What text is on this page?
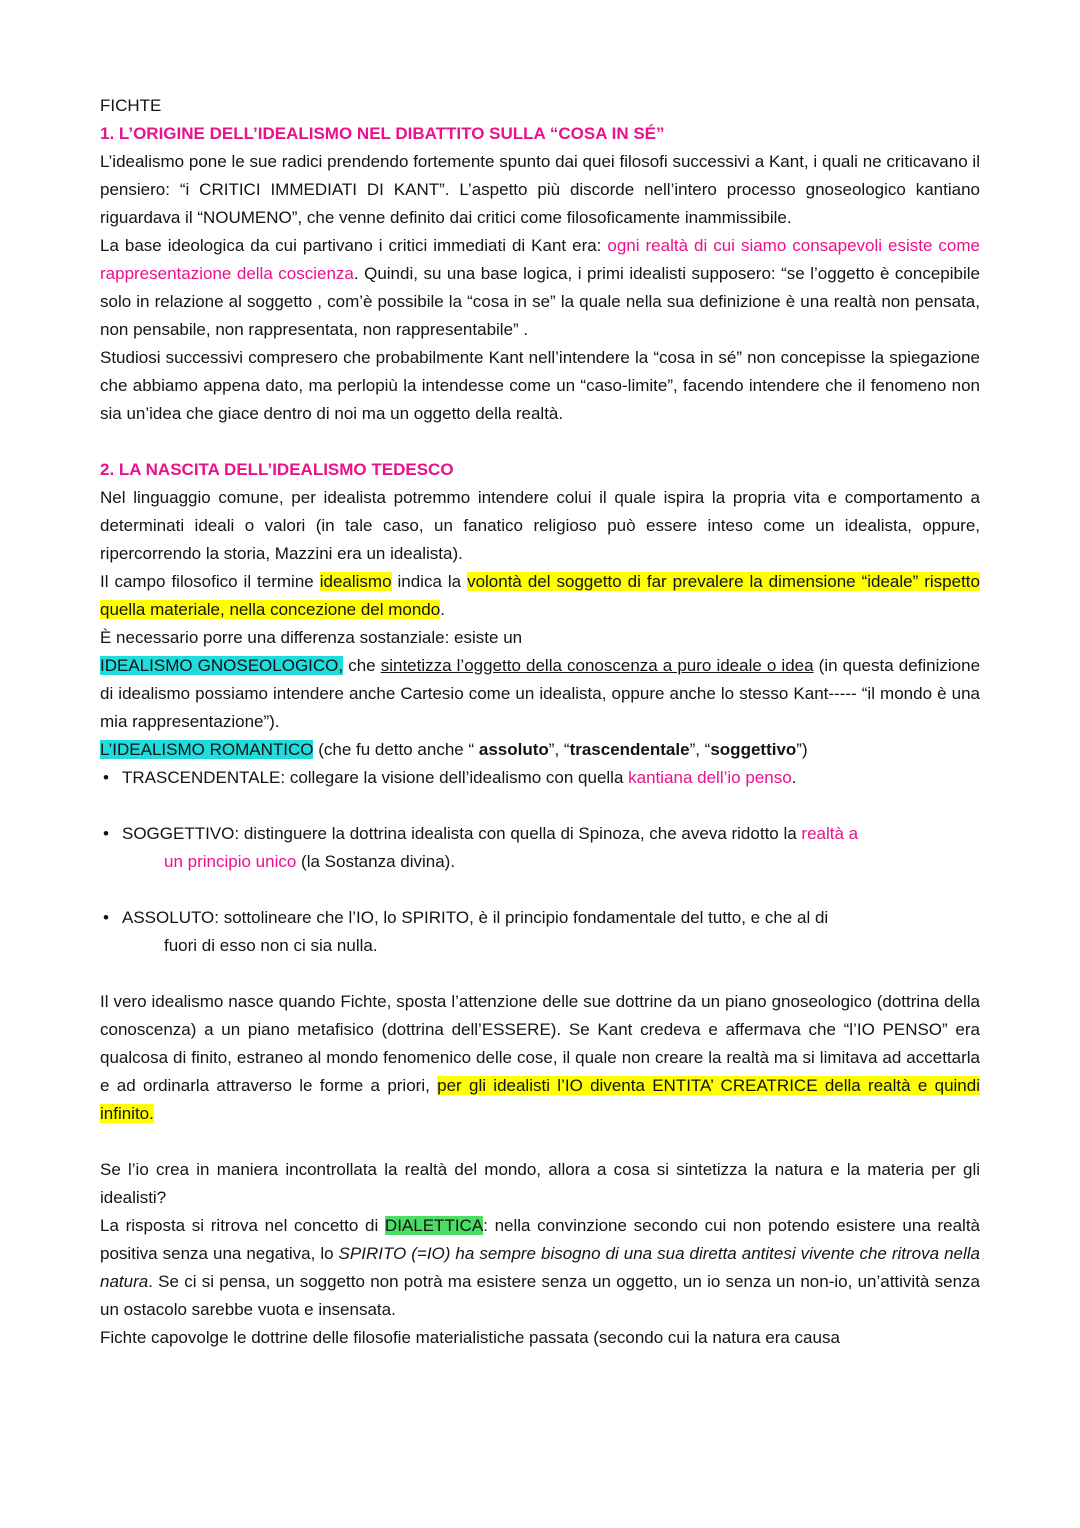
FICHTE
1. L’ORIGINE DELL’IDEALISMO NEL DIBATTITO SULLA “COSA IN SÉ”
L’idealismo pone le sue radici prendendo fortemente spunto dai quei filosofi successivi a Kant, i quali ne criticavano il pensiero: “i CRITICI IMMEDIATI DI KANT”. L’aspetto più discorde nell’intero processo gnoseologico kantiano riguardava il “NOUMENO”, che venne definito dai critici come filosoficamente inammissibile.
La base ideologica da cui partivano i critici immediati di Kant era: ogni realtà di cui siamo consapevoli esiste come rappresentazione della coscienza. Quindi, su una base logica, i primi idealisti supposero: “se l’oggetto è concepibile solo in relazione al soggetto , com’è possibile la “cosa in se” la quale nella sua definizione è una realtà non pensata, non pensabile, non rappresentata, non rappresentabile” .
Studiosi successivi compresero che probabilmente Kant nell’intendere la “cosa in sé” non concepisse la spiegazione che abbiamo appena dato, ma perlopiù la intendesse come un “caso-limite”, facendo intendere che il fenomeno non sia un’idea che giace dentro di noi ma un oggetto della realtà.
2. LA NASCITA DELL’IDEALISMO TEDESCO
Nel linguaggio comune, per idealista potremmo intendere colui il quale ispira la propria vita e comportamento a determinati ideali o valori (in tale caso, un fanatico religioso può essere inteso come un idealista, oppure, ripercorrendo la storia, Mazzini era un idealista).
Il campo filosofico il termine idealismo indica la volontà del soggetto di far prevalere la dimensione “ideale” rispetto quella materiale, nella concezione del mondo.
È necessario porre una differenza sostanziale: esiste un
IDEALISMO GNOSEOLOGICO, che sintetizza l’oggetto della conoscenza a puro ideale o idea (in questa definizione di idealismo possiamo intendere anche Cartesio come un idealista, oppure anche lo stesso Kant----- “il mondo è una mia rappresentazione”).
L’IDEALISMO ROMANTICO (che fu detto anche “ assoluto”, “trascendentale”, “soggettivo”)
• TRASCENDENTALE: collegare la visione dell’idealismo con quella kantiana dell’io penso.
• SOGGETTIVO: distinguere la dottrina idealista con quella di Spinoza, che aveva ridotto la realtà a
un principio unico (la Sostanza divina).
• ASSOLUTO: sottolineare che l’IO, lo SPIRITO, è il principio fondamentale del tutto, e che al di
fuori di esso non ci sia nulla.
Il vero idealismo nasce quando Fichte, sposta l’attenzione delle sue dottrine da un piano gnoseologico (dottrina della conoscenza) a un piano metafisico (dottrina dell’ESSERE). Se Kant credeva e affermava che “l’IO PENSO” era qualcosa di finito, estraneo al mondo fenomenico delle cose, il quale non creare la realtà ma si limitava ad accettarla e ad ordinarla attraverso le forme a priori, per gli idealisti l’IO diventa ENTITA’ CREATRICE della realtà e quindi infinito.
Se l’io crea in maniera incontrollata la realtà del mondo, allora a cosa si sintetizza la natura e la materia per gli idealisti?
La risposta si ritrova nel concetto di DIALETTICA: nella convinzione secondo cui non potendo esistere una realtà positiva senza una negativa, lo SPIRITO (=IO) ha sempre bisogno di una sua diretta antitesi vivente che ritrova nella natura. Se ci si pensa, un soggetto non potrà ma esistere senza un oggetto, un io senza un non-io, un’attività senza un ostacolo sarebbe vuota e insensata.
Fichte capovolge le dottrine delle filosofie materialistiche passata (secondo cui la natura era causa
